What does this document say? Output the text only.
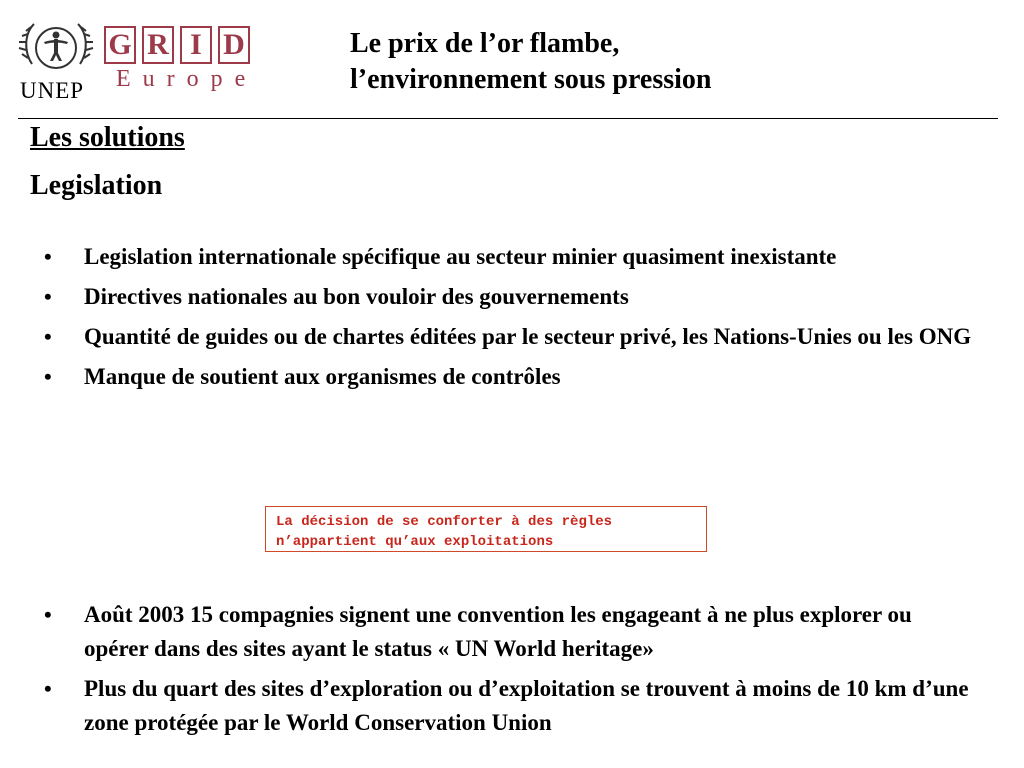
UNEP
G R I D
Europe
Le prix de l’or flambe,
l’environnement sous pression
Les solutions
Legislation
• Legislation internationale spécifique au secteur minier quasiment inexistante
• Directives nationales au bon vouloir des gouvernements
• Quantité de guides ou de chartes éditées par le secteur privé, les Nations-Unies ou les ONG
• Manque de soutient aux organismes de contrôles
La décision de se conforter à des règles
n’appartient qu’aux exploitations
• Août 2003 15 compagnies signent une convention les engageant à ne plus explorer ou opérer dans des sites ayant le status « UN World heritage»
• Plus du quart des sites d’exploration ou d’exploitation se trouvent à moins de 10 km d’une zone protégée par le World Conservation Union
